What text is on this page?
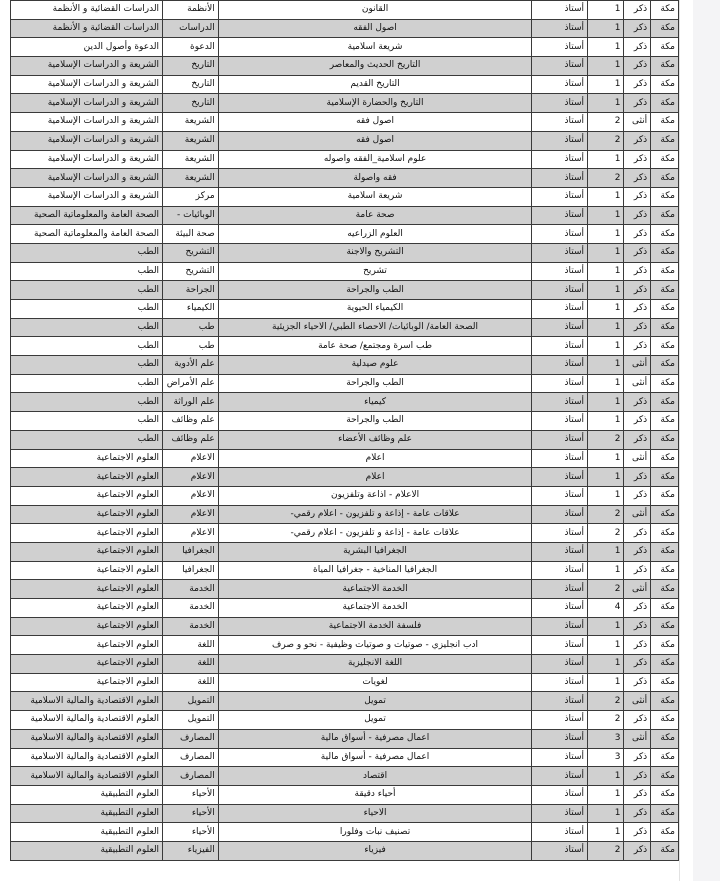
مكة	ذكر	1	أستاذ	القانون	الأنظمة	الدراسات القضائية و الأنظمة
مكة	ذكر	1	أستاذ	اصول الفقه	الدراسات	الدراسات القضائية و الأنظمة
مكة	ذكر	1	أستاذ	شريعة اسلامية	الدعوة	الدعوة وأصول الدين
مكة	ذكر	1	أستاذ	التاريخ الحديث والمعاصر	التاريخ	الشريعة و الدراسات الإسلامية
مكة	ذكر	1	أستاذ	التاريخ القديم	التاريخ	الشريعة و الدراسات الإسلامية
مكة	ذكر	1	أستاذ	التاريخ والحضارة الإسلامية	التاريخ	الشريعة و الدراسات الإسلامية
مكة	أنثى	2	أستاذ	اصول فقه	الشريعة	الشريعة و الدراسات الإسلامية
مكة	ذكر	2	أستاذ	اصول فقه	الشريعة	الشريعة و الدراسات الإسلامية
مكة	ذكر	1	أستاذ	علوم اسلامية_الفقه واصوله	الشريعة	الشريعة و الدراسات الإسلامية
مكة	ذكر	2	أستاذ	فقه واصولة	الشريعة	الشريعة و الدراسات الإسلامية
مكة	ذكر	1	أستاذ	شريعة اسلامية	مركز	الشريعة و الدراسات الإسلامية
مكة	ذكر	1	أستاذ	صحة عامة	الوبائيات -	الصحة العامة والمعلوماتية الصحية
مكة	ذكر	1	أستاذ	العلوم الزراعيه	صحة البيئة	الصحة العامة والمعلوماتية الصحية
مكة	ذكر	1	أستاذ	التشريح والاجنة	التشريح	الطب
مكة	ذكر	1	أستاذ	تشريح	التشريح	الطب
مكة	ذكر	1	أستاذ	الطب والجراحة	الجراحة	الطب
مكة	ذكر	1	أستاذ	الكيمياء الحيوية	الكيمياء	الطب
مكة	ذكر	1	أستاذ	الصحة العامة/ الوبائيات/ الاحصاء الطبي/ الاحياء الجزيئية	طب	الطب
مكة	ذكر	1	أستاذ	طب اسرة ومجتمع/ صحة عامة	طب	الطب
مكة	أنثى	1	أستاذ	علوم صيدلية	علم الأدوية	الطب
مكة	أنثى	1	أستاذ	الطب والجراحة	علم الأمراض	الطب
مكة	ذكر	1	أستاذ	كيمياء	علم الوراثة	الطب
مكة	ذكر	1	أستاذ	الطب والجراحة	علم وظائف	الطب
مكة	ذكر	2	أستاذ	علم وظائف الأعضاء	علم وظائف	الطب
مكة	أنثى	1	أستاذ	اعلام	الاعلام	العلوم الاجتماعية
مكة	ذكر	1	أستاذ	اعلام	الاعلام	العلوم الاجتماعية
مكة	ذكر	1	أستاذ	الاعلام - اذاعة وتلفزيون	الاعلام	العلوم الاجتماعية
مكة	أنثى	2	أستاذ	علاقات عامة - إذاعة و تلفزيون - اعلام رقمي-	الاعلام	العلوم الاجتماعية
مكة	ذكر	2	أستاذ	علاقات عامة - إذاعة و تلفزيون - اعلام رقمي-	الاعلام	العلوم الاجتماعية
مكة	ذكر	1	أستاذ	الجغرافيا البشرية	الجغرافيا	العلوم الاجتماعية
مكة	ذكر	1	أستاذ	الجغرافيا المناخية - جغرافيا المياة	الجغرافيا	العلوم الاجتماعية
مكة	أنثى	2	أستاذ	الخدمة الاجتماعية	الخدمة	العلوم الاجتماعية
مكة	ذكر	4	أستاذ	الخدمة الاجتماعية	الخدمة	العلوم الاجتماعية
مكة	ذكر	1	أستاذ	فلسفة الخدمة الاجتماعية	الخدمة	العلوم الاجتماعية
مكة	ذكر	1	أستاذ	ادب انجليزي - صوتيات و صوتيات وظيفية - نحو و صرف	اللغة	العلوم الاجتماعية
مكة	ذكر	1	أستاذ	اللغة الانجليزية	اللغة	العلوم الاجتماعية
مكة	ذكر	1	أستاذ	لغويات	اللغة	العلوم الاجتماعية
مكة	أنثى	2	أستاذ	تمويل	التمويل	العلوم الاقتصادية والمالية الاسلامية
مكة	ذكر	2	أستاذ	تمويل	التمويل	العلوم الاقتصادية والمالية الاسلامية
مكة	أنثى	3	أستاذ	اعمال مصرفية - أسواق مالية	المصارف	العلوم الاقتصادية والمالية الاسلامية
مكة	ذكر	3	أستاذ	اعمال مصرفية - أسواق مالية	المصارف	العلوم الاقتصادية والمالية الاسلامية
مكة	ذكر	1	أستاذ	اقتصاد	المصارف	العلوم الاقتصادية والمالية الاسلامية
مكة	ذكر	1	أستاذ	أحياء دقيقة	الأحياء	العلوم التطبيقية
مكة	ذكر	1	أستاذ	الاحياء	الأحياء	العلوم التطبيقية
مكة	ذكر	1	أستاذ	تصنيف نبات وفلورا	الأحياء	العلوم التطبيقية
مكة	ذكر	2	أستاذ	فيزياء	الفيزياء	العلوم التطبيقية
